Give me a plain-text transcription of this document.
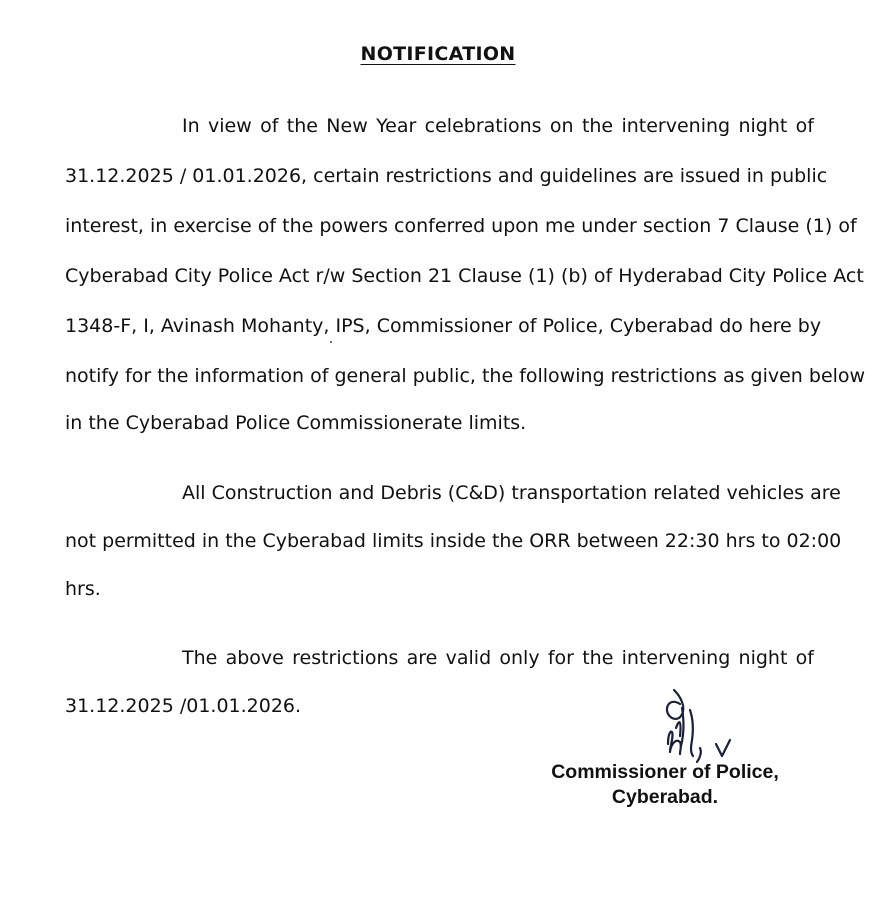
NOTIFICATION
In view of the New Year celebrations on the intervening night of
31.12.2025 / 01.01.2026, certain restrictions and guidelines are issued in public
interest, in exercise of the powers conferred upon me under section 7 Clause (1) of
Cyberabad City Police Act r/w Section 21 Clause (1) (b) of Hyderabad City Police Act
1348-F, I, Avinash Mohanty, IPS, Commissioner of Police, Cyberabad do here by
notify for the information of general public, the following restrictions as given below
in the Cyberabad Police Commissionerate limits.
All Construction and Debris (C&D) transportation related vehicles are
not permitted in the Cyberabad limits inside the ORR between 22:30 hrs to 02:00
hrs.
The above restrictions are valid only for the intervening night of
31.12.2025 /01.01.2026.
Commissioner of Police,
Cyberabad.
